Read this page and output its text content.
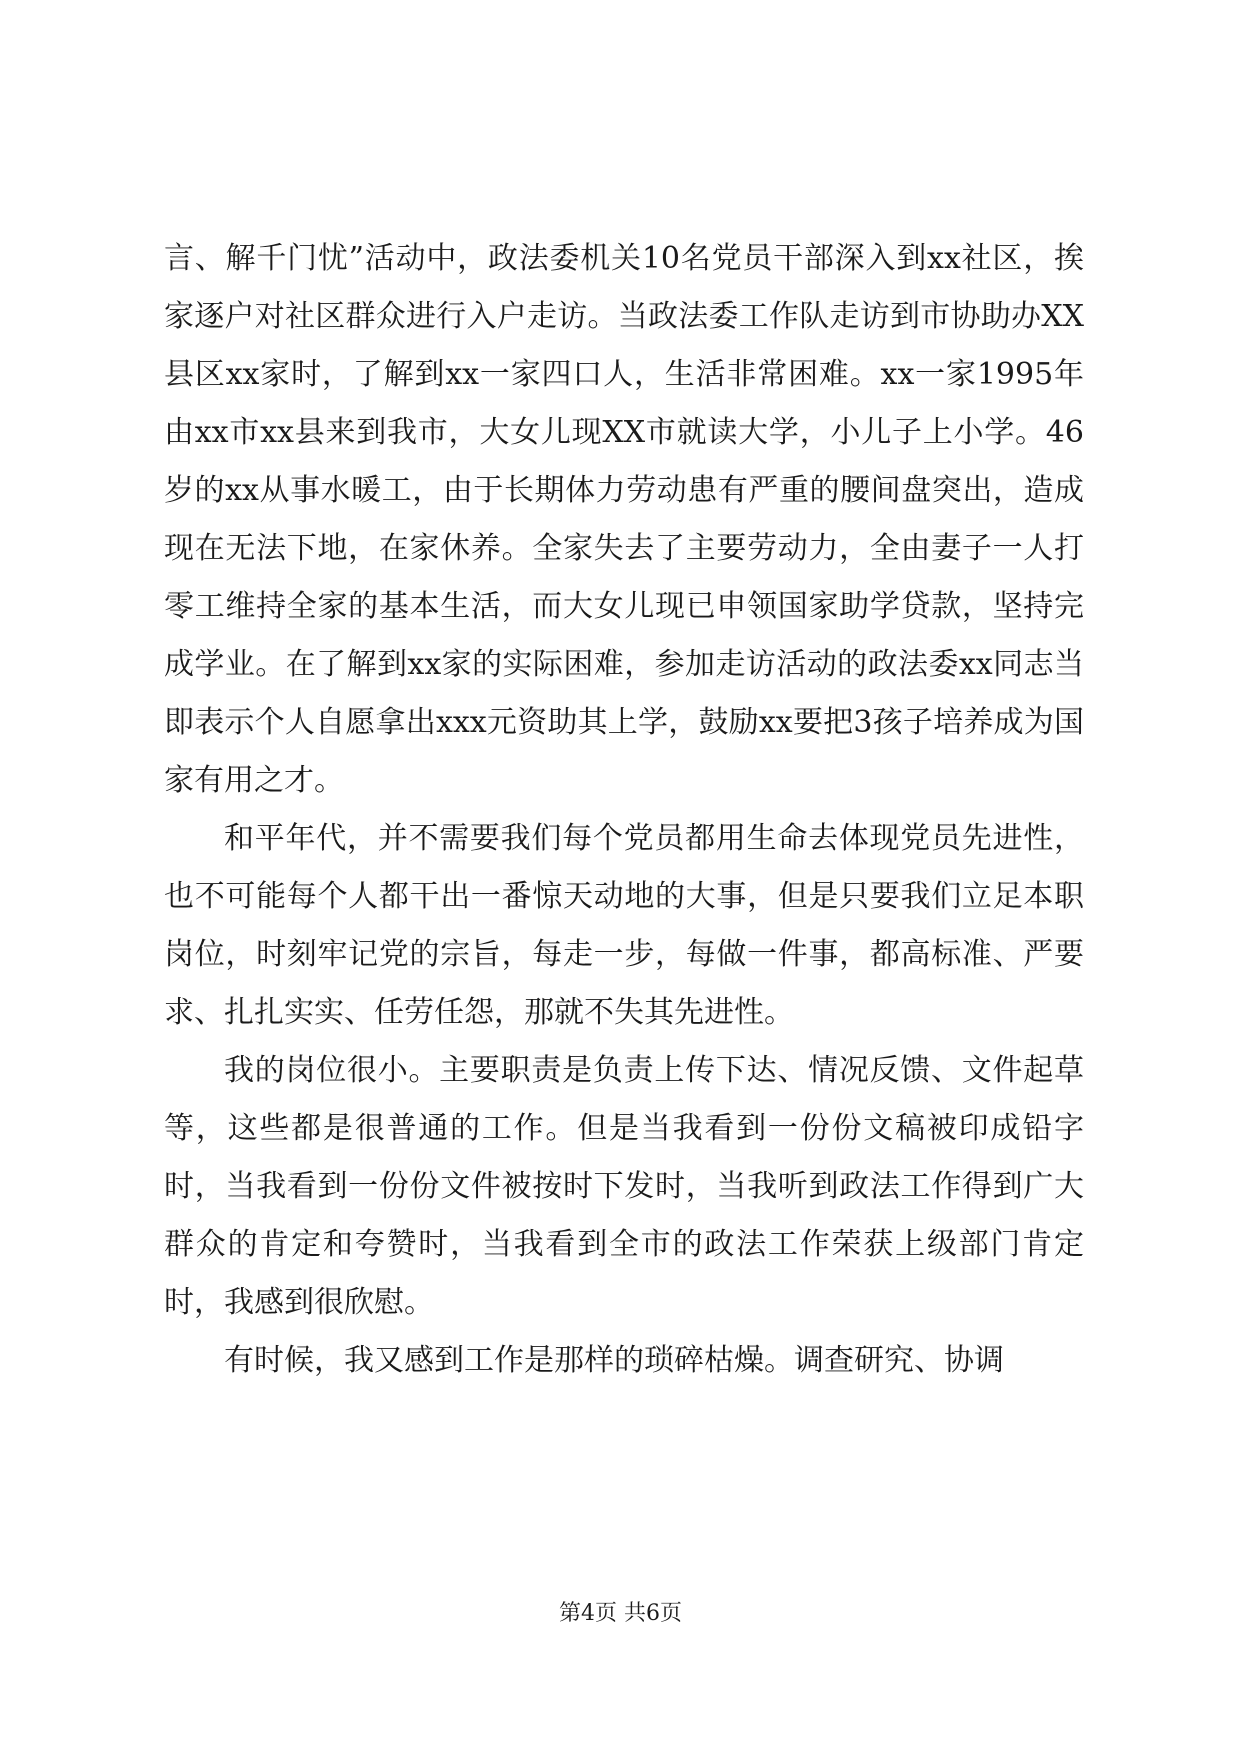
言、解千门忧”活动中，政法委机关10名党员干部深入到xx社区，挨家逐户对社区群众进行入户走访。当政法委工作队走访到市协助办XX县区xx家时，了解到xx一家四口人，生活非常困难。xx一家1995年由xx市xx县来到我市，大女儿现XX市就读大学，小儿子上小学。46岁的xx从事水暖工，由于长期体力劳动患有严重的腰间盘突出，造成现在无法下地，在家休养。全家失去了主要劳动力，全由妻子一人打零工维持全家的基本生活，而大女儿现已申领国家助学贷款，坚持完成学业。在了解到xx家的实际困难，参加走访活动的政法委xx同志当即表示个人自愿拿出xxx元资助其上学，鼓励xx要把3孩子培养成为国家有用之才。

和平年代，并不需要我们每个党员都用生命去体现党员先进性，也不可能每个人都干出一番惊天动地的大事，但是只要我们立足本职岗位，时刻牢记党的宗旨，每走一步，每做一件事，都高标准、严要求、扎扎实实、任劳任怨，那就不失其先进性。

我的岗位很小。主要职责是负责上传下达、情况反馈、文件起草等，这些都是很普通的工作。但是当我看到一份份文稿被印成铅字时，当我看到一份份文件被按时下发时，当我听到政法工作得到广大群众的肯定和夸赞时，当我看到全市的政法工作荣获上级部门肯定时，我感到很欣慰。

有时候，我又感到工作是那样的琐碎枯燥。调查研究、协调

第4页 共6页
